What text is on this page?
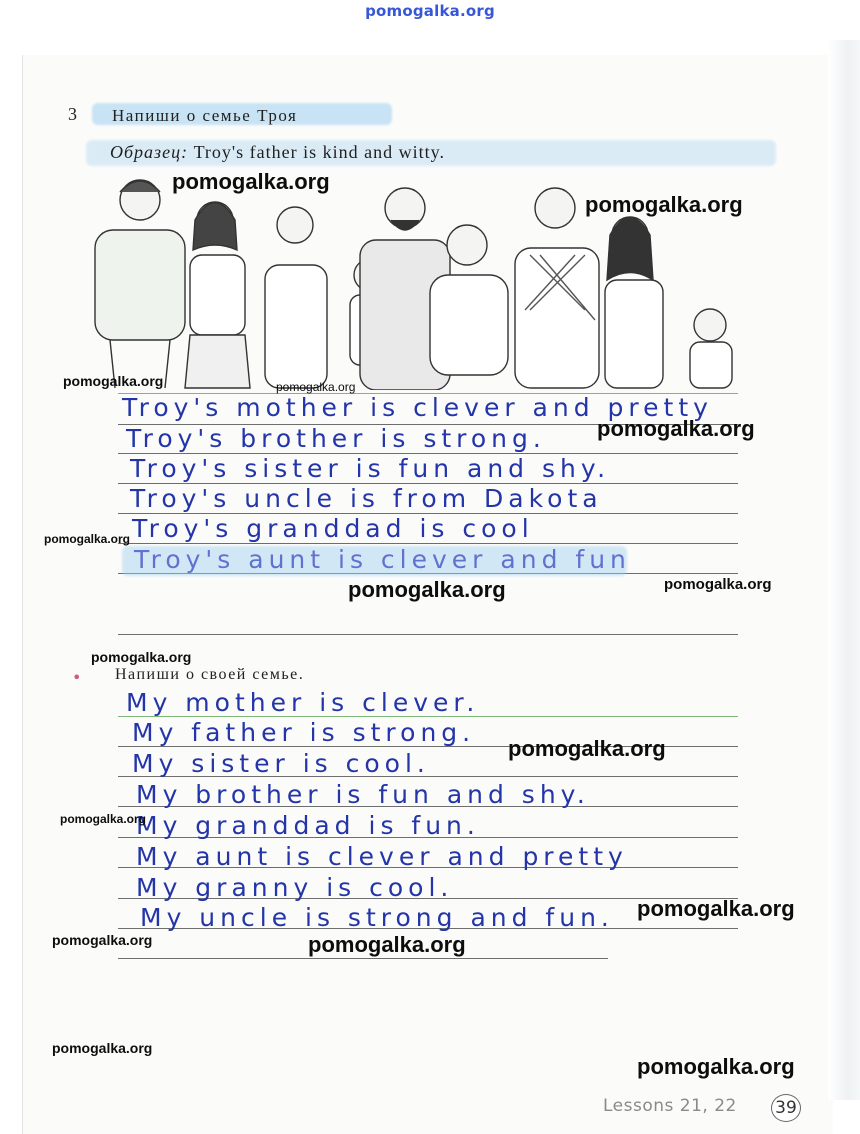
pomogalka.org
3 Напиши о семье Троя
Образец: Troy's father is kind and witty.
Troy's mother is clever and pretty
Troy's brother is strong.
Troy's sister is fun and shy.
Troy's uncle is from Dakota
Troy's granddad is cool
Troy's aunt is clever and fun
• Напиши о своей семье.
My mother is clever.
My father is strong.
My sister is cool.
My brother is fun and shy.
My granddad is fun.
My aunt is clever and pretty
My granny is cool.
My uncle is strong and fun.
pomogalka.org
pomogalka.org
pomogalka.org	pomogalka.org
pomogalka.org
pomogalka.org
pomogalka.org	pomogalka.org
pomogalka.org
pomogalka.org
pomogalka.org
pomogalka.org
pomogalka.org	pomogalka.org
pomogalka.org
pomogalka.org
Lessons 21, 22 39
